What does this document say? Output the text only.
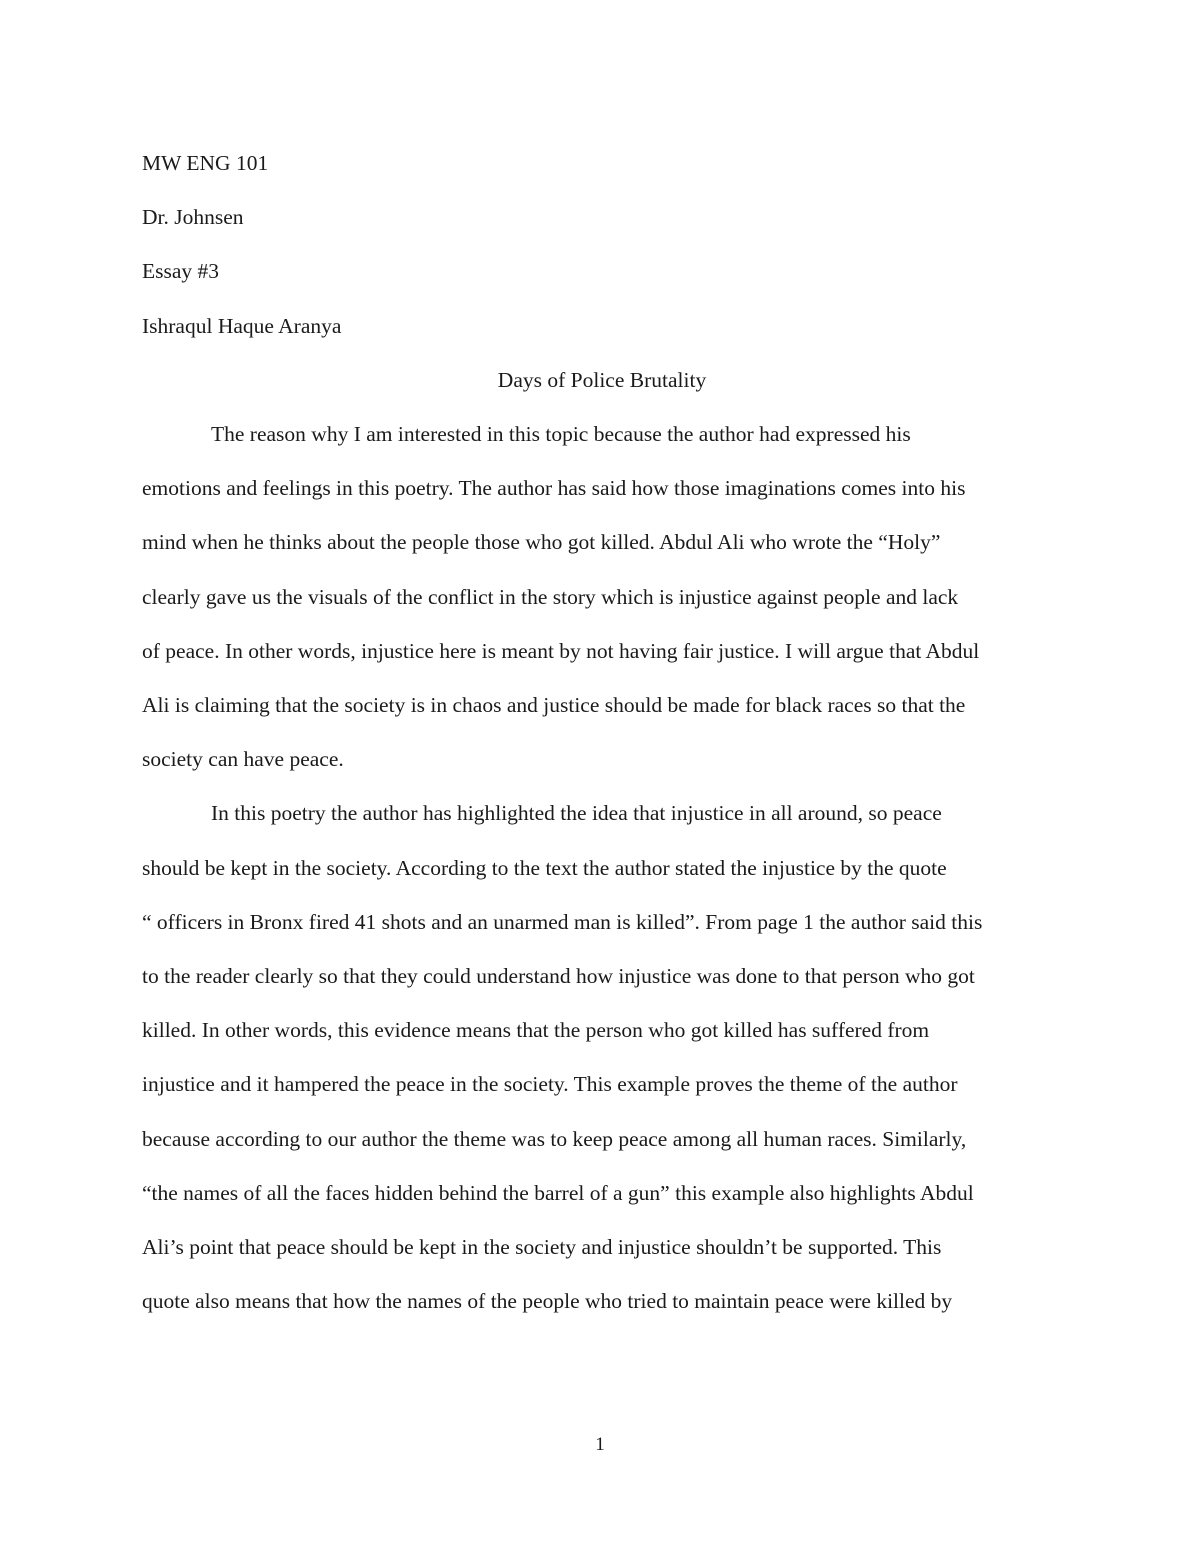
MW ENG 101

Dr. Johnsen

Essay #3

Ishraqul Haque Aranya

Days of Police Brutality

The reason why I am interested in this topic because the author had expressed his

emotions and feelings in this poetry. The author has said how those imaginations comes into his

mind when he thinks about the people those who got killed. Abdul Ali who wrote the “Holy”

clearly gave us the visuals of the conflict in the story which is injustice against people and lack

of peace. In other words, injustice here is meant by not having fair justice. I will argue that Abdul

Ali is claiming that the society is in chaos and justice should be made for black races so that the

society can have peace.

In this poetry the author has highlighted the idea that injustice in all around, so peace

should be kept in the society. According to the text the author stated the injustice by the quote

“ officers in Bronx fired 41 shots and an unarmed man is killed”. From page 1 the author said this

to the reader clearly so that they could understand how injustice was done to that person who got

killed. In other words, this evidence means that the person who got killed has suffered from

injustice and it hampered the peace in the society. This example proves the theme of the author

because according to our author the theme was to keep peace among all human races. Similarly,

“the names of all the faces hidden behind the barrel of a gun” this example also highlights Abdul

Ali’s point that peace should be kept in the society and injustice shouldn’t be supported. This

quote also means that how the names of the people who tried to maintain peace were killed by

1
